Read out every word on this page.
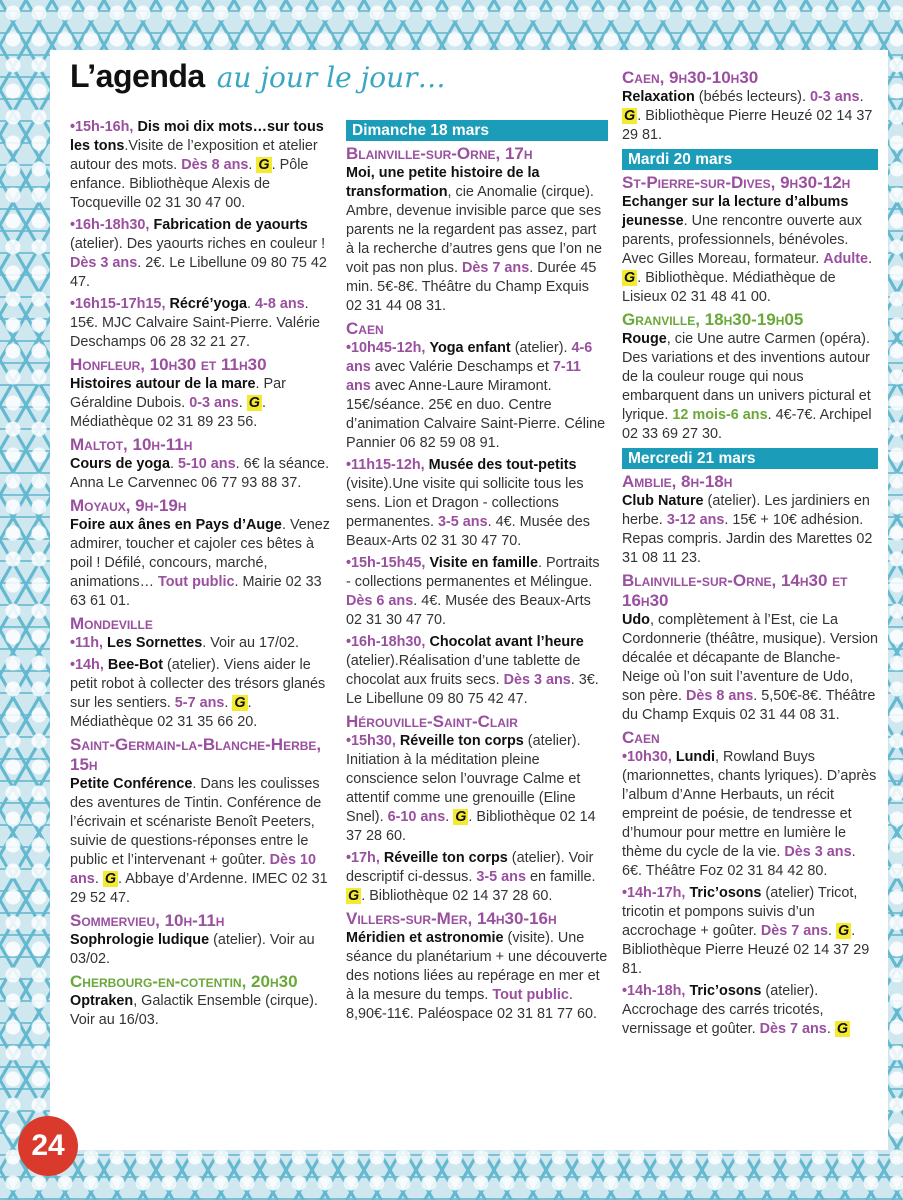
L’agenda au jour le jour…
•15h-16h, Dis moi dix mots…sur tous les tons.Visite de l’exposition et atelier autour des mots. Dès 8 ans. G . Pôle enfance. Bibliothèque Alexis de Tocqueville 02 31 30 47 00.
•16h-18h30, Fabrication de yaourts (atelier). Des yaourts riches en couleur ! Dès 3 ans. 2€. Le Libellune 09 80 75 42 47.
•16h15-17h15, Récré’yoga. 4-8 ans. 15€. MJC Calvaire Saint-Pierre. Valérie Deschamps 06 28 32 21 27.
Honfleur, 10h30 et 11h30
Histoires autour de la mare. Par Géraldine Dubois. 0-3 ans. G . Médiathèque 02 31 89 23 56.
Maltot, 10h-11h
Cours de yoga. 5-10 ans. 6€ la séance. Anna Le Carvennec 06 77 93 88 37.
Moyaux, 9h-19h
Foire aux ânes en Pays d’Auge. Venez admirer, toucher et cajoler ces bêtes à poil ! Défilé, concours, marché, animations… Tout public. Mairie 02 33 63 61 01.
Mondeville
•11h, Les Sornettes. Voir au 17/02.
•14h, Bee-Bot (atelier). Viens aider le petit robot à collecter des trésors glanés sur les sentiers. 5-7 ans. G . Médiathèque 02 31 35 66 20.
Saint-Germain-la-Blanche-Herbe, 15h
Petite Conférence. Dans les coulisses des aventures de Tintin. Conférence de l’écrivain et scénariste Benoît Peeters, suivie de questions-réponses entre le public et l’intervenant + goûter. Dès 10 ans. G . Abbaye d’Ardenne. IMEC 02 31 29 52 47.
Sommervieu, 10h-11h
Sophrologie ludique (atelier). Voir au 03/02.
Cherbourg-en-cotentin, 20h30
Optraken, Galactik Ensemble (cirque). Voir au 16/03.
Dimanche 18 mars
Blainville-sur-Orne, 17h
Moi, une petite histoire de la transformation, cie Anomalie (cirque). Ambre, devenue invisible parce que ses parents ne la regardent pas assez, part à la recherche d’autres gens que l’on ne voit pas non plus. Dès 7 ans. Durée 45 min. 5€-8€. Théâtre du Champ Exquis 02 31 44 08 31.
Caen
•10h45-12h, Yoga enfant (atelier). 4-6 ans avec Valérie Deschamps et 7-11 ans avec Anne-Laure Miramont. 15€/séance. 25€ en duo. Centre d’animation Calvaire Saint-Pierre. Céline Pannier 06 82 59 08 91.
•11h15-12h, Musée des tout-petits (visite).Une visite qui sollicite tous les sens. Lion et Dragon - collections permanentes. 3-5 ans. 4€. Musée des Beaux-Arts 02 31 30 47 70.
•15h-15h45, Visite en famille. Portraits - collections permanentes et Mélingue. Dès 6 ans. 4€. Musée des Beaux-Arts 02 31 30 47 70.
•16h-18h30, Chocolat avant l’heure (atelier).Réalisation d’une tablette de chocolat aux fruits secs. Dès 3 ans. 3€. Le Libellune 09 80 75 42 47.
Hérouville-Saint-Clair
•15h30, Réveille ton corps (atelier). Initiation à la méditation pleine conscience selon l’ouvrage Calme et attentif comme une grenouille (Eline Snel). 6-10 ans. G . Bibliothèque 02 14 37 28 60.
•17h, Réveille ton corps (atelier). Voir descriptif ci-dessus. 3-5 ans en famille. G . Bibliothèque 02 14 37 28 60.
Villers-sur-Mer, 14h30-16h
Méridien et astronomie (visite). Une séance du planétarium + une découverte des notions liées au repérage en mer et à la mesure du temps. Tout public. 8,90€-11€. Paléospace 02 31 81 77 60.
Caen, 9h30-10h30
Relaxation (bébés lecteurs). 0-3 ans. G . Bibliothèque Pierre Heuzé 02 14 37 29 81.
Mardi 20 mars
St-Pierre-sur-Dives, 9h30-12h
Echanger sur la lecture d’albums jeunesse. Une rencontre ouverte aux parents, professionnels, bénévoles. Avec Gilles Moreau, formateur. Adulte. G . Bibliothèque. Médiathèque de Lisieux 02 31 48 41 00.
Granville, 18h30-19h05
Rouge, cie Une autre Carmen (opéra). Des variations et des inventions autour de la couleur rouge qui nous embarquent dans un univers pictural et lyrique. 12 mois-6 ans. 4€-7€. Archipel 02 33 69 27 30.
Mercredi 21 mars
Amblie, 8h-18h
Club Nature (atelier). Les jardiniers en herbe. 3-12 ans. 15€ + 10€ adhésion. Repas compris. Jardin des Marettes 02 31 08 11 23.
Blainville-sur-Orne, 14h30 et 16h30
Udo, complètement à l’Est, cie La Cordonnerie (théâtre, musique). Version décalée et décapante de Blanche-Neige où l’on suit l’aventure de Udo, son père. Dès 8 ans. 5,50€-8€. Théâtre du Champ Exquis 02 31 44 08 31.
Caen
•10h30, Lundi, Rowland Buys (marionnettes, chants lyriques). D’après l’album d’Anne Herbauts, un récit empreint de poésie, de tendresse et d’humour pour mettre en lumière le thème du cycle de la vie. Dès 3 ans. 6€. Théâtre Foz 02 31 84 42 80.
•14h-17h, Tric’osons (atelier) Tricot, tricotin et pompons suivis d’un accrochage + goûter. Dès 7 ans. G . Bibliothèque Pierre Heuzé 02 14 37 29 81.
•14h-18h, Tric’osons (atelier). Accrochage des carrés tricotés, vernissage et goûter. Dès 7 ans. G
24
